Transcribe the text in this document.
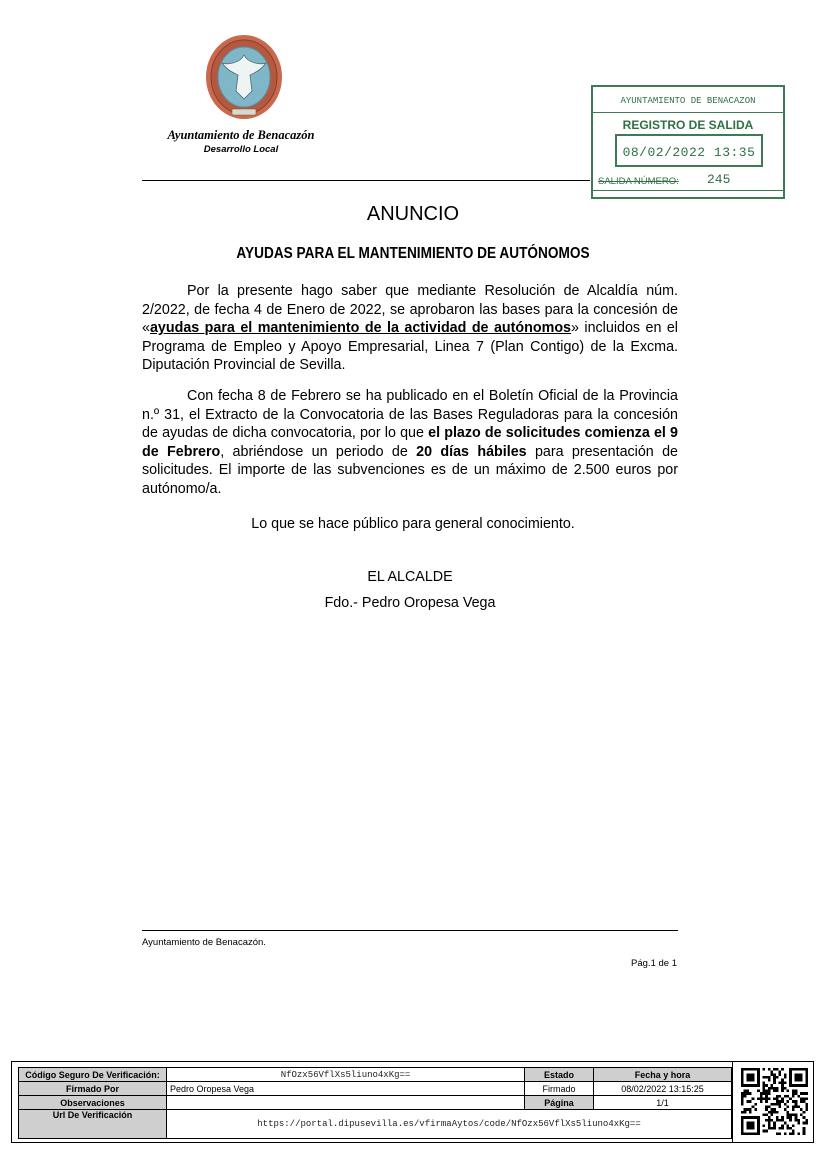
Ayuntamiento de Benacazón
Desarrollo Local
AYUNTAMIENTO DE BENACAZON
REGISTRO DE SALIDA
08/02/2022 13:35
SALIDA NÚMERO: 245
ANUNCIO
AYUDAS PARA EL MANTENIMIENTO DE AUTÓNOMOS
Por la presente hago saber que mediante Resolución de Alcaldía núm. 2/2022, de fecha 4 de Enero de 2022, se aprobaron las bases para la concesión de «ayudas para el mantenimiento de la actividad de autónomos» incluidos en el Programa de Empleo y Apoyo Empresarial, Linea 7 (Plan Contigo) de la Excma. Diputación Provincial de Sevilla.
Con fecha 8 de Febrero se ha publicado en el Boletín Oficial de la Provincia n.º 31, el Extracto de la Convocatoria de las Bases Reguladoras para la concesión de ayudas de dicha convocatoria, por lo que el plazo de solicitudes comienza el 9 de Febrero, abriéndose un periodo de 20 días hábiles para presentación de solicitudes. El importe de las subvenciones es de un máximo de 2.500 euros por autónomo/a.
Lo que se hace público para general conocimiento.
EL ALCALDE
Fdo.- Pedro Oropesa Vega
Ayuntamiento de Benacazón.
Pág.1 de 1
Código Seguro De Verificación:	NfOzx56VflXs5liuno4xKg==	Estado	Fecha y hora
Firmado Por	Pedro Oropesa Vega	Firmado	08/02/2022 13:15:25
Observaciones		Página	1/1
Url De Verificación	https://portal.dipusevilla.es/vfirmaAytos/code/NfOzx56VflXs5liuno4xKg==		
